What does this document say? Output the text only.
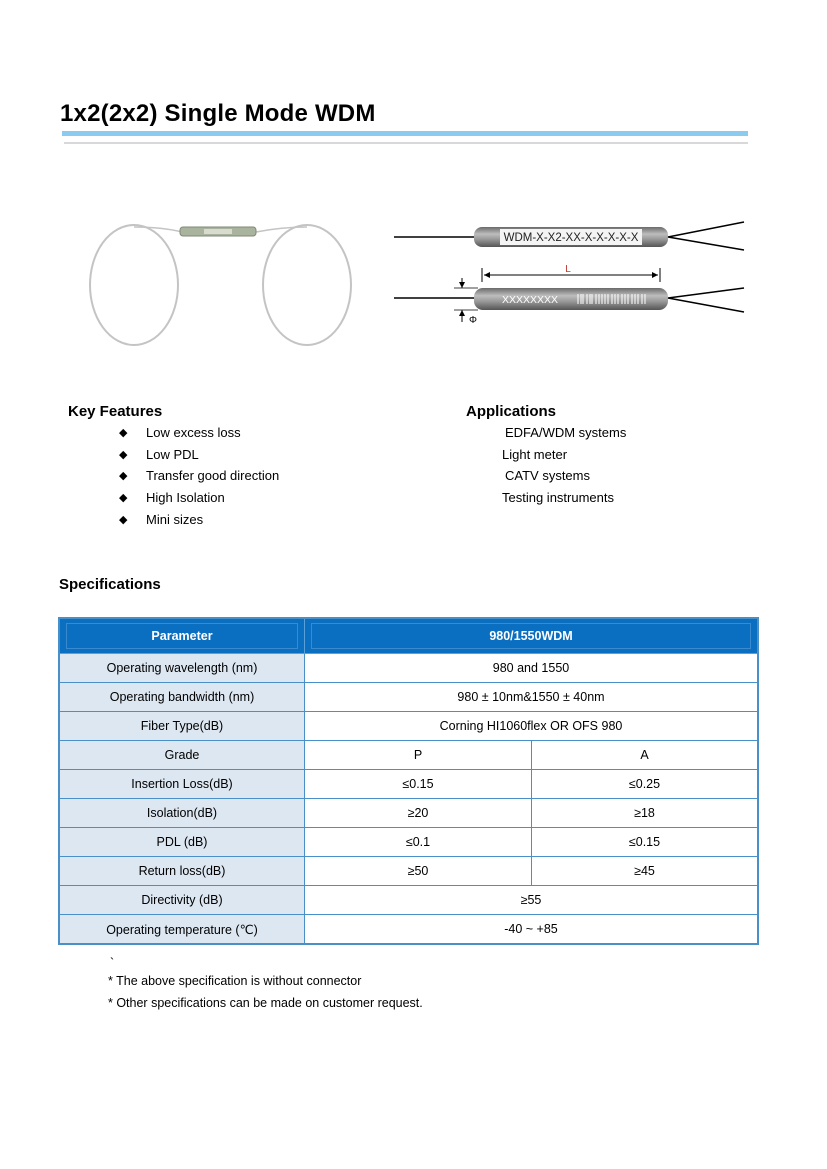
1x2(2x2) Single Mode WDM
WDM-X-X2-XX-X-X-X-X-X
L
XXXXXXXX
Φ
Key Features
◆ Low excess loss
◆ Low PDL
◆ Transfer good direction
◆ High Isolation
◆ Mini sizes
Applications
EDFA/WDM systems
Light meter
CATV systems
Testing instruments
Specifications
Parameter	980/1550WDM	

Operating wavelength (nm)	980 and 1550	
Operating bandwidth (nm)	980 ± 10nm&1550 ± 40nm	
Fiber Type(dB)	Corning HI1060flex OR OFS 980	
Grade	P	A
Insertion Loss(dB)	≤0.15	≤0.25
Isolation(dB)	≥20	≥18
PDL (dB)	≤0.1	≤0.15
Return loss(dB)	≥50	≥45
Directivity (dB)	≥55	
Operating temperature (℃)	-40 ~ +85	
`
* The above specification is without connector
* Other specifications can be made on customer request.
